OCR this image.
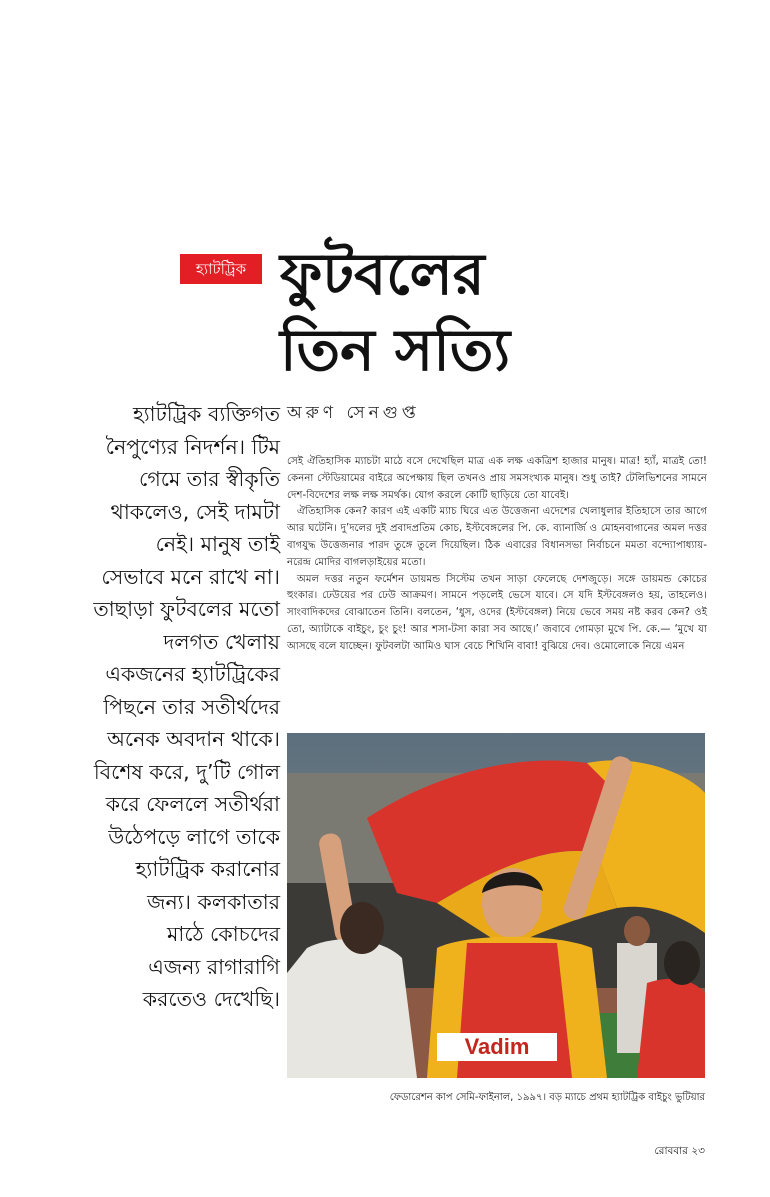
হ্যাটট্রিক ফুটবলের
তিন সত্যি
অরুণ সেনগুপ্ত
হ্যাটট্রিক ব্যক্তিগত
নৈপুণ্যের নিদর্শন। টিম
গেমে তার স্বীকৃতি
থাকলেও, সেই দামটা
নেই। মানুষ তাই
সেভাবে মনে রাখে না।
তাছাড়া ফুটবলের মতো
দলগত খেলায়
একজনের হ্যাটট্রিকের
পিছনে তার সতীর্থদের
অনেক অবদান থাকে।
বিশেষ করে, দু’টি গোল
করে ফেললে সতীর্থরা
উঠেপড়ে লাগে তাকে
হ্যাটট্রিক করানোর
জন্য। কলকাতার
মাঠে কোচদের
এজন্য রাগারাগি
করতেও দেখেছি।

সেই ঐতিহাসিক ম্যাচটা মাঠে বসে দেখেছিল মাত্র এক লক্ষ একত্রিশ হাজার মানুষ। মাত্র! হ্যাঁ, মাত্রই তো! কেননা স্টেডিয়ামের বাইরে অপেক্ষায় ছিল তখনও প্রায় সমসংখ্যক মানুষ। শুধু তাই? টেলিভিশনের সামনে দেশ-বিদেশের লক্ষ লক্ষ সমর্থক। যোগ করলে কোটি ছাড়িয়ে তো যাবেই।

ঐতিহাসিক কেন? কারণ এই একটি ম্যাচ ঘিরে এত উত্তেজনা এদেশের খেলাধুলার ইতিহাসে তার আগে আর ঘটেনি। দু’দলের দুই প্রবাদপ্রতিম কোচ, ইস্টবেঙ্গলের পি. কে. ব্যানার্জি ও মোহনবাগানের অমল দত্তর বাগযুদ্ধ উত্তেজনার পারদ তুঙ্গে তুলে দিয়েছিল। ঠিক এবারের বিধানসভা নির্বাচনে মমতা বন্দ্যোপাধ্যায়-নরেন্দ্র মোদির বাগলড়াইয়ের মতো।

অমল দত্তর নতুন ফর্মেশন ডায়মন্ড সিস্টেম তখন সাড়া ফেলেছে দেশজুড়ে। সঙ্গে ডায়মন্ড কোচের হুংকার। ঢেউয়ের পর ঢেউ আক্রমণ। সামনে পড়লেই ভেসে যাবে। সে যদি ইস্টবেঙ্গলও হয়, তাহলেও। সাংবাদিকদের বোঝাতেন তিনি। বলতেন, ‘ধুস, ওদের (ইস্টবেঙ্গল) নিয়ে ভেবে সময় নষ্ট করব কেন? ওই তো, অ্যাটাকে বাইচুং, চুং চুং! আর শসা-টসা কারা সব আছে।’ জবাবে গোমড়া মুখে পি. কে.— ‘মুখে যা আসছে বলে যাচ্ছেন। ফুটবলটা আমিও ঘাস বেচে শিখিনি বাবা! বুঝিয়ে দেব। ওমোলোকে নিয়ে এমন

Vadim
ফেডারেশন কাপ সেমি-ফাইনাল, ১৯৯৭। বড় ম্যাচে প্রথম হ্যাটট্রিক বাইচুং ভুটিয়ার
রোববার ২৩
